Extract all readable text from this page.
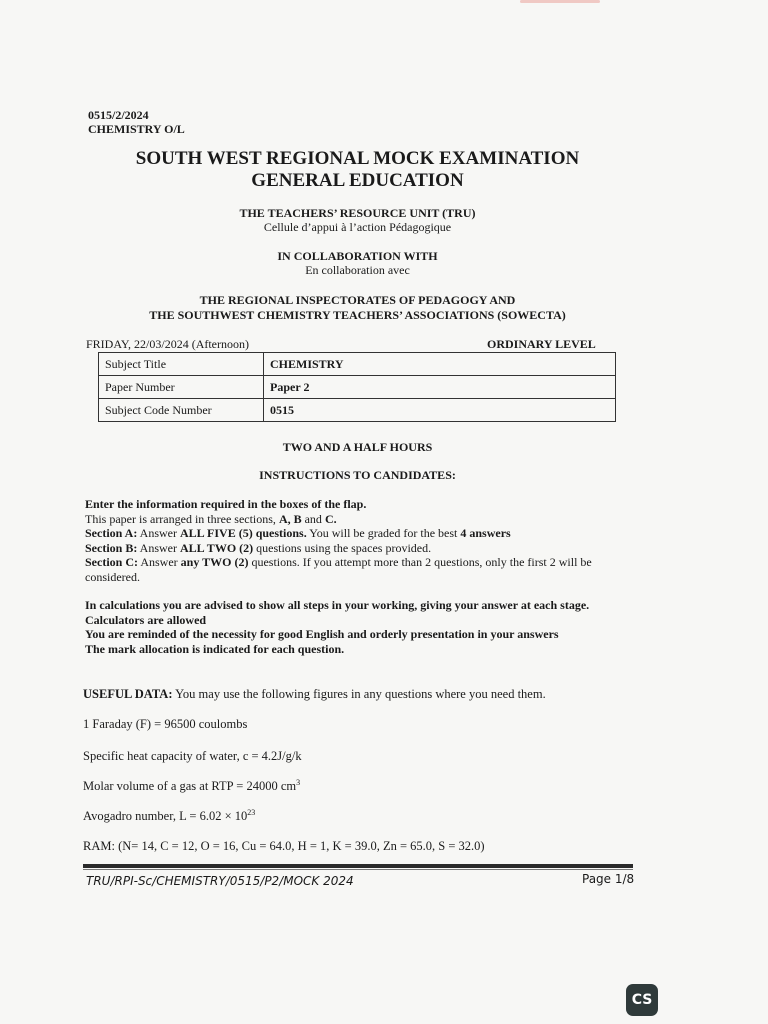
0515/2/2024
CHEMISTRY O/L
SOUTH WEST REGIONAL MOCK EXAMINATION
GENERAL EDUCATION
THE TEACHERS’ RESOURCE UNIT (TRU)
Cellule d’appui à l’action Pédagogique
IN COLLABORATION WITH
En collaboration avec
THE REGIONAL INSPECTORATES OF PEDAGOGY AND
THE SOUTHWEST CHEMISTRY TEACHERS’ ASSOCIATIONS (SOWECTA)
FRIDAY, 22/03/2024 (Afternoon)	ORDINARY LEVEL
Subject Title	CHEMISTRY
Paper Number	Paper 2
Subject Code Number	0515
TWO AND A HALF HOURS
INSTRUCTIONS TO CANDIDATES:
Enter the information required in the boxes of the flap.
This paper is arranged in three sections, A, B and C.
Section A: Answer ALL FIVE (5) questions. You will be graded for the best 4 answers
Section B: Answer ALL TWO (2) questions using the spaces provided.
Section C: Answer any TWO (2) questions. If you attempt more than 2 questions, only the first 2 will be considered.
In calculations you are advised to show all steps in your working, giving your answer at each stage.
Calculators are allowed
You are reminded of the necessity for good English and orderly presentation in your answers
The mark allocation is indicated for each question.
USEFUL DATA: You may use the following figures in any questions where you need them.
1 Faraday (F) = 96500 coulombs
Specific heat capacity of water, c = 4.2J/g/k
Molar volume of a gas at RTP = 24000 $cm^3$
Avogadro number, $L = 6.02 \times 10^{23}$
RAM: (N= 14, C = 12, O = 16, Cu = 64.0, H = 1, K = 39.0, Zn = 65.0, S = 32.0)
TRU/RPI-Sc/CHEMISTRY/0515/P2/MOCK 2024	Page 1/8
CS
